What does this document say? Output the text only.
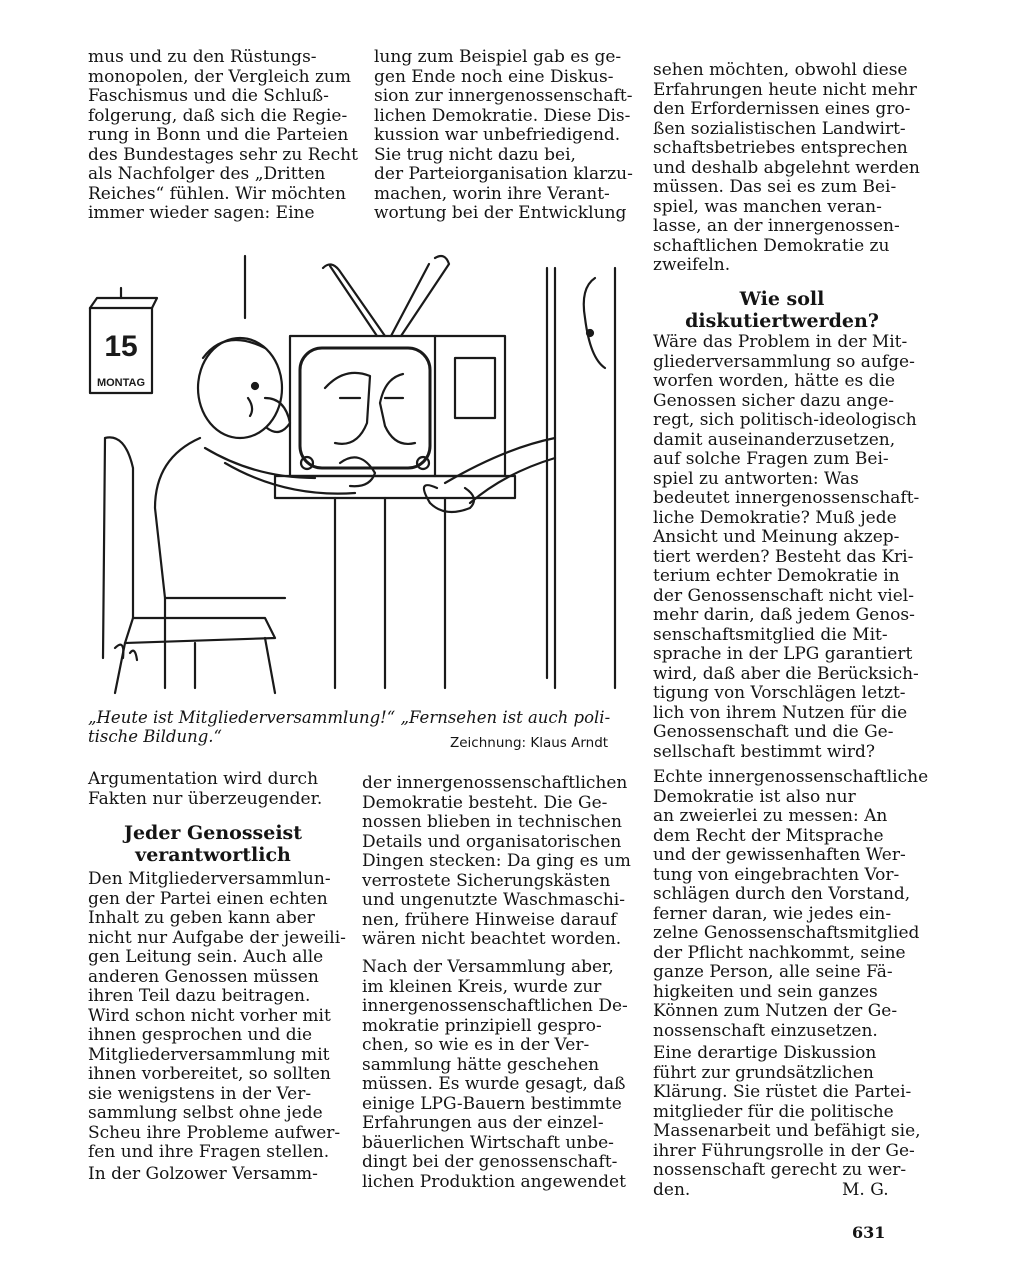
mus und zu den Rüstungs-
monopolen, der Vergleich zum
Faschismus und die Schluß-
folgerung, daß sich die Regie-
rung in Bonn und die Parteien
des Bundestages sehr zu Recht
als Nachfolger des „Dritten
Reiches“ fühlen. Wir möchten
immer wieder sagen: Eine
lung zum Beispiel gab es ge-
gen Ende noch eine Diskus-
sion zur innergenossenschaft-
lichen Demokratie. Diese Dis-
kussion war unbefriedigend.
Sie trug nicht dazu bei,
der Parteiorganisation klarzu-
machen, worin ihre Verant-
wortung bei der Entwicklung
sehen möchten, obwohl diese
Erfahrungen heute nicht mehr
den Erfordernissen eines gro-
ßen sozialistischen Landwirt-
schaftsbetriebes entsprechen
und deshalb abgelehnt werden
müssen. Das sei es zum Bei-
spiel, was manchen veran-
lasse, an der innergenossen-
schaftlichen Demokratie zu
zweifeln.
Wie soll diskutiertwerden?
Wäre das Problem in der Mit-
gliederversammlung so aufge-
worfen worden, hätte es die
Genossen sicher dazu ange-
regt, sich politisch-ideologisch
damit auseinanderzusetzen,
auf solche Fragen zum Bei-
spiel zu antworten: Was
bedeutet innergenossenschaft-
liche Demokratie? Muß jede
Ansicht und Meinung akzep-
tiert werden? Besteht das Kri-
terium echter Demokratie in
der Genossenschaft nicht viel-
mehr darin, daß jedem Genos-
senschaftsmitglied die Mit-
sprache in der LPG garantiert
wird, daß aber die Berücksich-
tigung von Vorschlägen letzt-
lich von ihrem Nutzen für die
Genossenschaft und die Ge-
sellschaft bestimmt wird?
Echte innergenossenschaftliche
Demokratie ist also nur
an zweierlei zu messen: An
dem Recht der Mitsprache
und der gewissenhaften Wer-
tung von eingebrachten Vor-
schlägen durch den Vorstand,
ferner daran, wie jedes ein-
zelne Genossenschaftsmitglied
der Pflicht nachkommt, seine
ganze Person, alle seine Fä-
higkeiten und sein ganzes
Können zum Nutzen der Ge-
nossenschaft einzusetzen.
Eine derartige Diskussion
führt zur grundsätzlichen
Klärung. Sie rüstet die Partei-
mitglieder für die politische
Massenarbeit und befähigt sie,
ihrer Führungsrolle in der Ge-
nossenschaft gerecht zu wer-
den.	M. G.
15
MONTAG
„Heute ist Mitgliederversammlung!“ „Fernsehen ist auch poli-
tische Bildung.“	Zeichnung: Klaus Arndt
Argumentation wird durch
Fakten nur überzeugender.
Jeder Genosseist verantwortlich
Den Mitgliederversammlun-
gen der Partei einen echten
Inhalt zu geben kann aber
nicht nur Aufgabe der jeweili-
gen Leitung sein. Auch alle
anderen Genossen müssen
ihren Teil dazu beitragen.
Wird schon nicht vorher mit
ihnen gesprochen und die
Mitgliederversammlung mit
ihnen vorbereitet, so sollten
sie wenigstens in der Ver-
sammlung selbst ohne jede
Scheu ihre Probleme aufwer-
fen und ihre Fragen stellen.
In der Golzower Versamm-
der innergenossenschaftlichen
Demokratie besteht. Die Ge-
nossen blieben in technischen
Details und organisatorischen
Dingen stecken: Da ging es um
verrostete Sicherungskästen
und ungenutzte Waschmaschi-
nen, frühere Hinweise darauf
wären nicht beachtet worden.
Nach der Versammlung aber,
im kleinen Kreis, wurde zur
innergenossenschaftlichen De-
mokratie prinzipiell gespro-
chen, so wie es in der Ver-
sammlung hätte geschehen
müssen. Es wurde gesagt, daß
einige LPG-Bauern bestimmte
Erfahrungen aus der einzel-
bäuerlichen Wirtschaft unbe-
dingt bei der genossenschaft-
lichen Produktion angewendet
631
